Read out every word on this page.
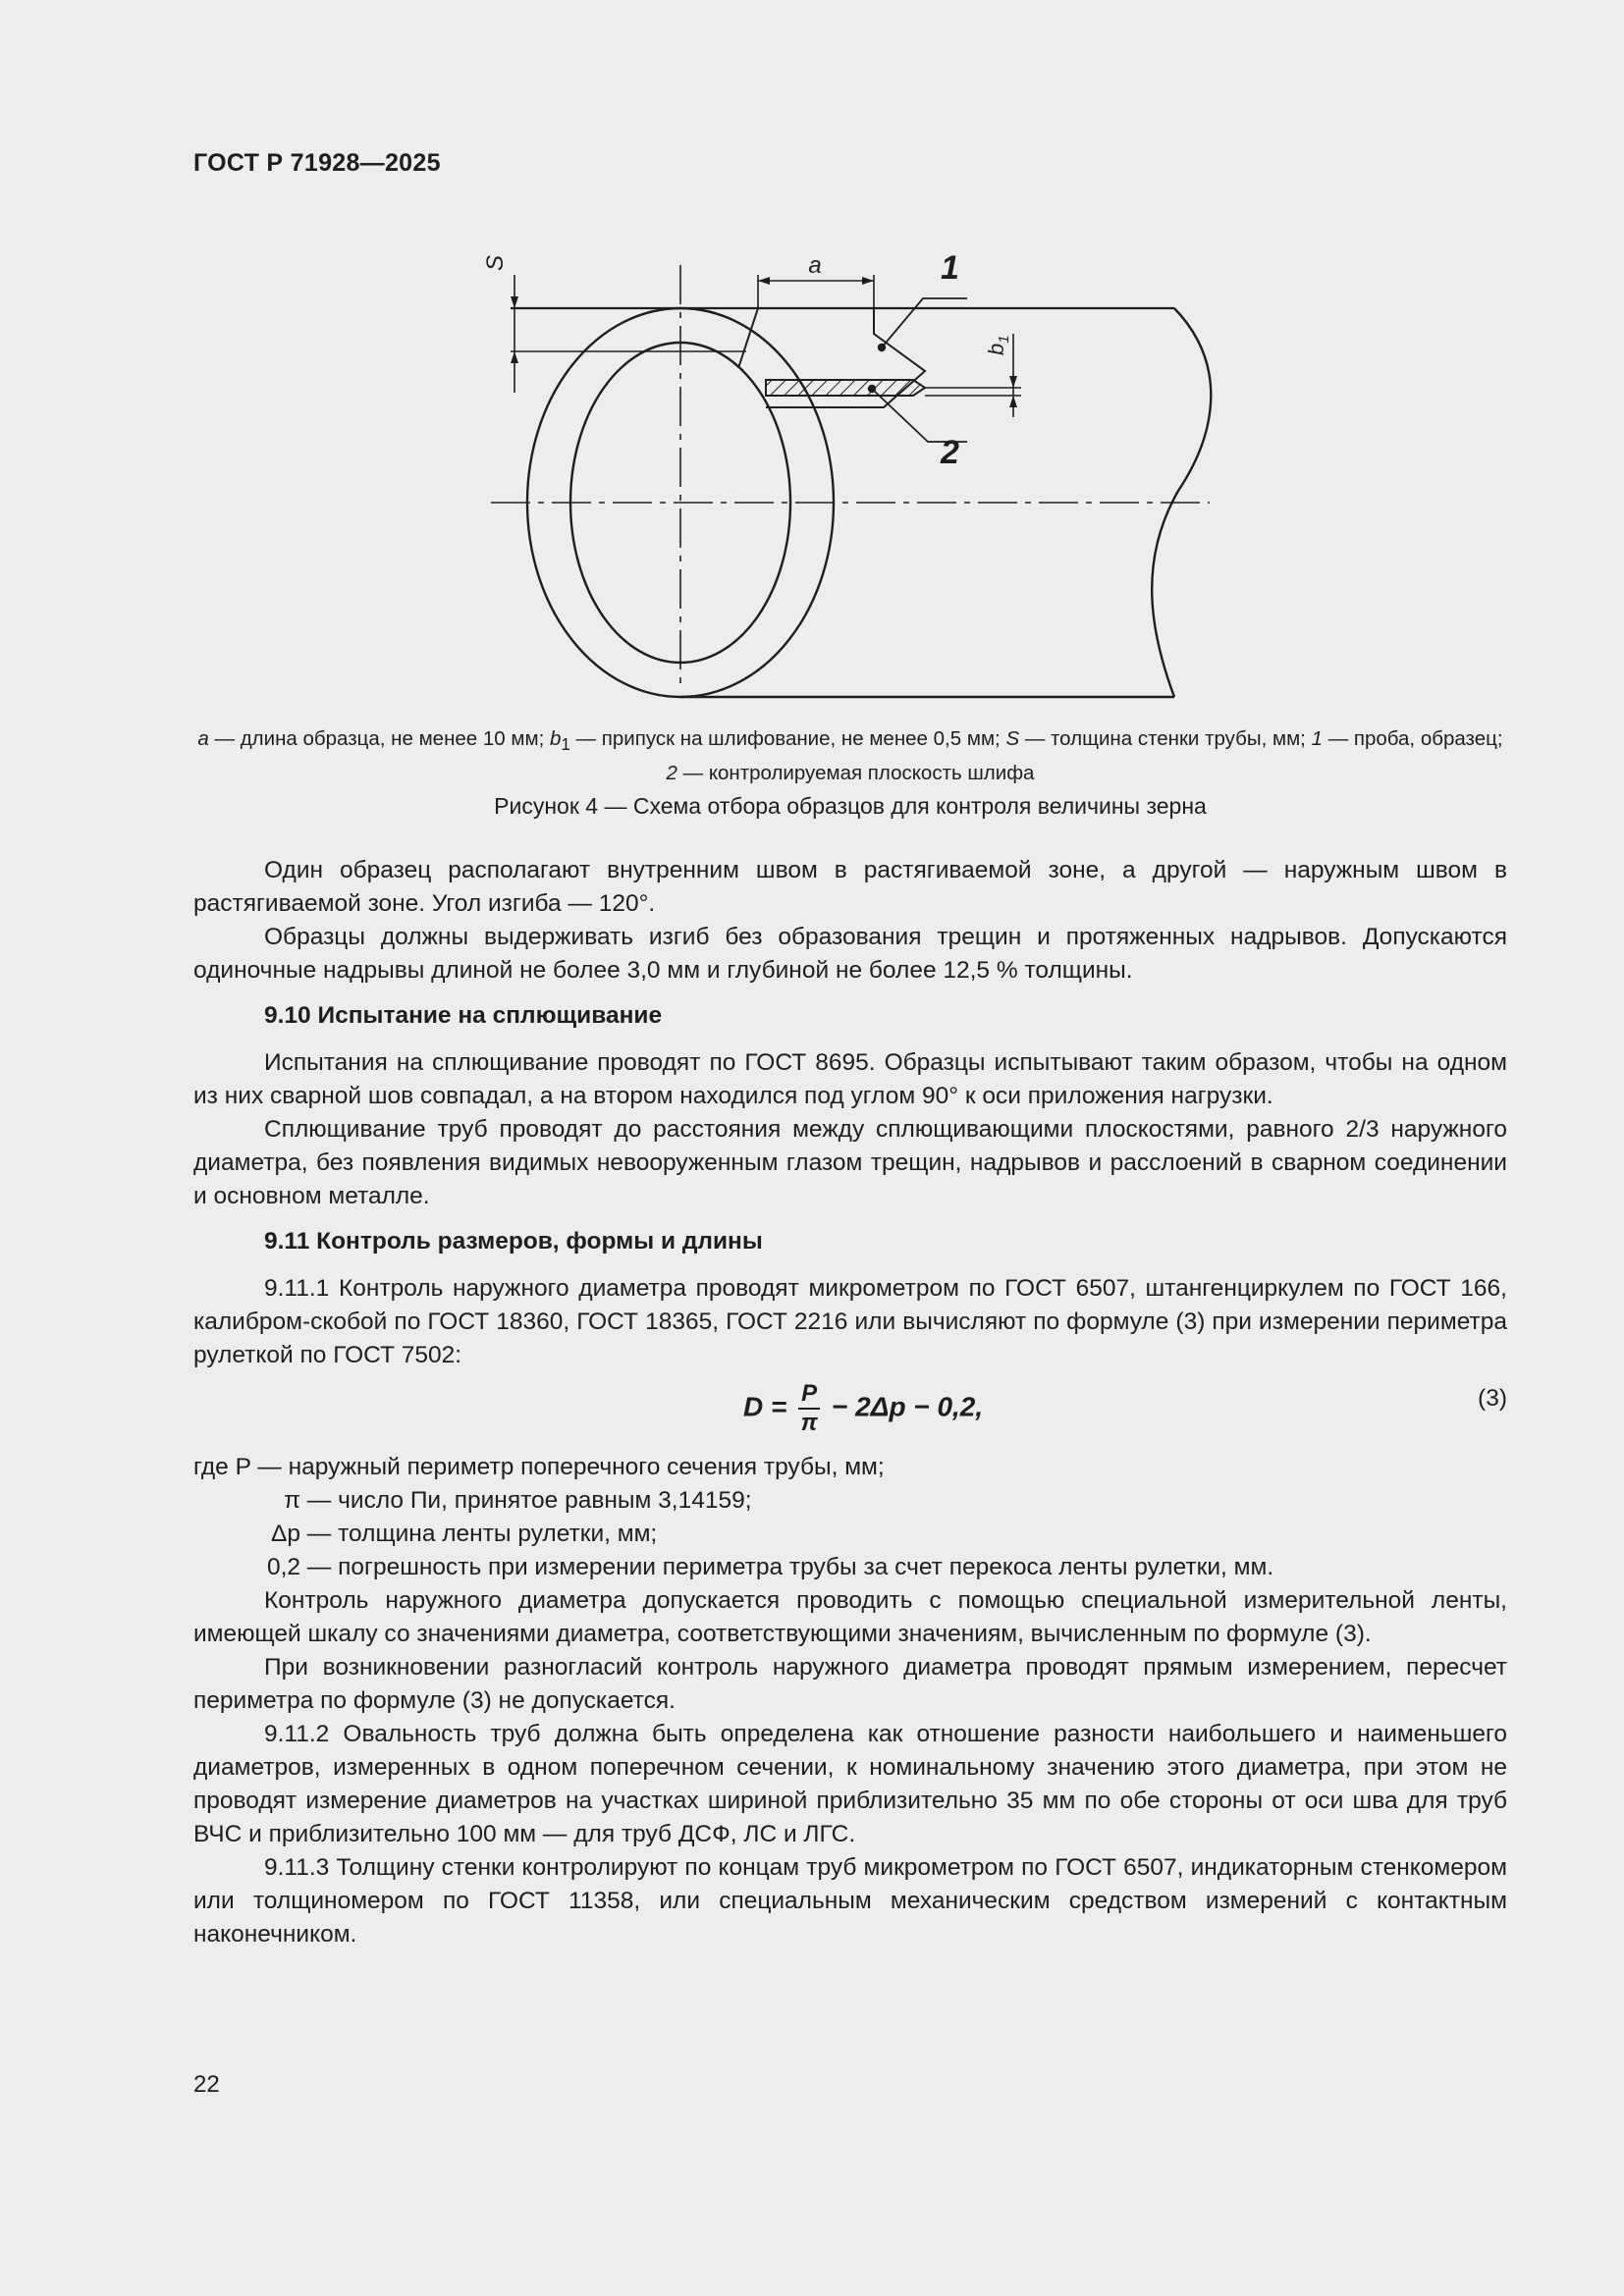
ГОСТ Р 71928—2025
a
S
$b_1$
1
2
a — длина образца, не менее 10 мм; $b_1$ — припуск на шлифование, не менее 0,5 мм; S — толщина стенки трубы, мм; 1 — проба, образец; 2 — контролируемая плоскость шлифа
Рисунок 4 — Схема отбора образцов для контроля величины зерна

Один образец располагают внутренним швом в растягиваемой зоне, а другой — наружным швом в растягиваемой зоне. Угол изгиба — 120°.

Образцы должны выдерживать изгиб без образования трещин и протяженных надрывов. Допускаются одиночные надрывы длиной не более 3,0 мм и глубиной не более 12,5 % толщины.

9.10 Испытание на сплющивание

Испытания на сплющивание проводят по ГОСТ 8695. Образцы испытывают таким образом, чтобы на одном из них сварной шов совпадал, а на втором находился под углом 90° к оси приложения нагрузки.

Сплющивание труб проводят до расстояния между сплющивающими плоскостями, равного 2/3 наружного диаметра, без появления видимых невооруженным глазом трещин, надрывов и расслоений в сварном соединении и основном металле.

9.11 Контроль размеров, формы и длины

9.11.1 Контроль наружного диаметра проводят микрометром по ГОСТ 6507, штангенциркулем по ГОСТ 166, калибром-скобой по ГОСТ 18360, ГОСТ 18365, ГОСТ 2216 или вычисляют по формуле (3) при измерении периметра рулеткой по ГОСТ 7502:

$D = \frac{P}{\pi} - 2\Delta p - 0,2$,	(3)
где P — наружный периметр поперечного сечения трубы, мм;
π — число Пи, принятое равным 3,14159;
Δp — толщина ленты рулетки, мм;
0,2 — погрешность при измерении периметра трубы за счет перекоса ленты рулетки, мм.

Контроль наружного диаметра допускается проводить с помощью специальной измерительной ленты, имеющей шкалу со значениями диаметра, соответствующими значениям, вычисленным по формуле (3).

При возникновении разногласий контроль наружного диаметра проводят прямым измерением, пересчет периметра по формуле (3) не допускается.

9.11.2 Овальность труб должна быть определена как отношение разности наибольшего и наименьшего диаметров, измеренных в одном поперечном сечении, к номинальному значению этого диаметра, при этом не проводят измерение диаметров на участках шириной приблизительно 35 мм по обе стороны от оси шва для труб ВЧС и приблизительно 100 мм — для труб ДСФ, ЛС и ЛГС.

9.11.3 Толщину стенки контролируют по концам труб микрометром по ГОСТ 6507, индикаторным стенкомером или толщиномером по ГОСТ 11358, или специальным механическим средством измерений с контактным наконечником.

22
